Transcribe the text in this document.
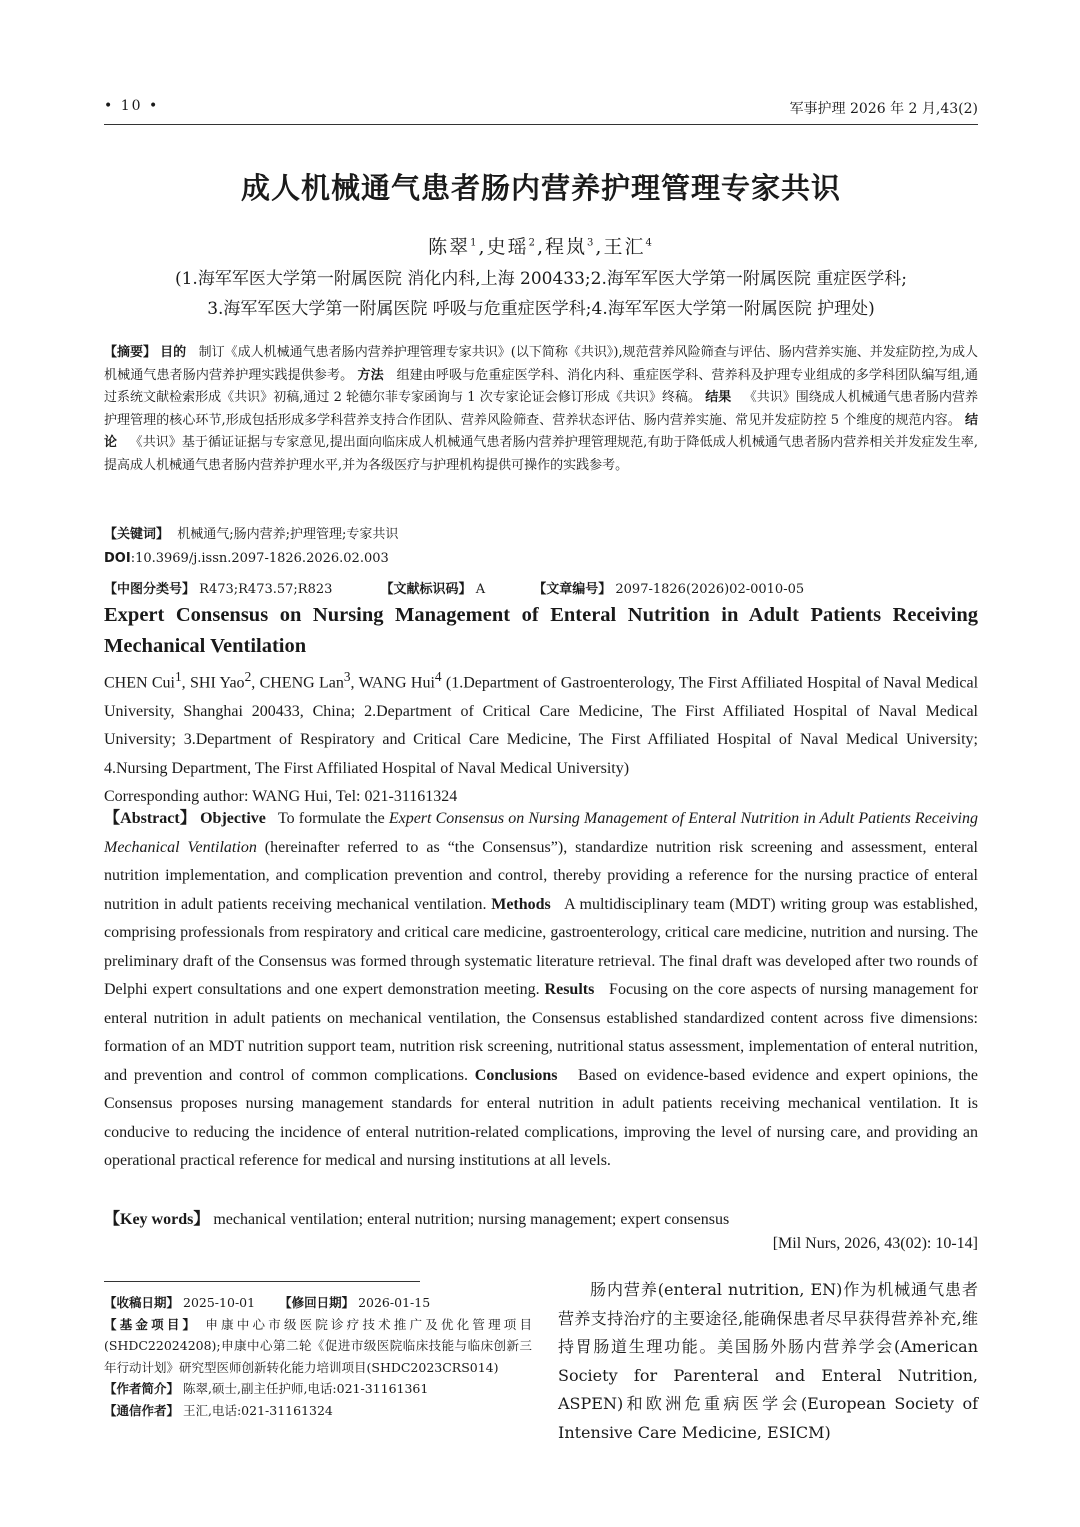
• 10 •	军事护理 2026 年 2 月,43(2)
成人机械通气患者肠内营养护理管理专家共识
陈翠$^1$,史瑶$^2$,程岚$^3$,王汇$^4$
(1.海军军医大学第一附属医院 消化内科,上海 200433;2.海军军医大学第一附属医院 重症医学科;
3.海军军医大学第一附属医院 呼吸与危重症医学科;4.海军军医大学第一附属医院 护理处)
【摘要】 目的 制订《成人机械通气患者肠内营养护理管理专家共识》(以下简称《共识》),规范营养风险筛查与评估、肠内营养实施、并发症防控,为成人机械通气患者肠内营养护理实践提供参考。 方法 组建由呼吸与危重症医学科、消化内科、重症医学科、营养科及护理专业组成的多学科团队编写组,通过系统文献检索形成《共识》初稿,通过 2 轮德尔菲专家函询与 1 次专家论证会修订形成《共识》终稿。 结果 《共识》围绕成人机械通气患者肠内营养护理管理的核心环节,形成包括形成多学科营养支持合作团队、营养风险筛查、营养状态评估、肠内营养实施、常见并发症防控 5 个维度的规范内容。 结论 《共识》基于循证证据与专家意见,提出面向临床成人机械通气患者肠内营养护理管理规范,有助于降低成人机械通气患者肠内营养相关并发症发生率,提高成人机械通气患者肠内营养护理水平,并为各级医疗与护理机构提供可操作的实践参考。
【关键词】 机械通气;肠内营养;护理管理;专家共识
DOI:10.3969/j.issn.2097-1826.2026.02.003
【中图分类号】 R473;R473.57;R823	【文献标识码】 A	【文章编号】 2097-1826(2026)02-0010-05
Expert Consensus on Nursing Management of Enteral Nutrition in Adult Patients Receiving Mechanical Ventilation
CHEN Cui$^1$, SHI Yao$^2$, CHENG Lan$^3$, WANG Hui$^4$ (1.Department of Gastroenterology, The First Affiliated Hospital of Naval Medical University, Shanghai 200433, China; 2.Department of Critical Care Medicine, The First Affiliated Hospital of Naval Medical University; 3.Department of Respiratory and Critical Care Medicine, The First Affiliated Hospital of Naval Medical University; 4.Nursing Department, The First Affiliated Hospital of Naval Medical University)
Corresponding author: WANG Hui, Tel: 021-31161324
【Abstract】 Objective To formulate the Expert Consensus on Nursing Management of Enteral Nutrition in Adult Patients Receiving Mechanical Ventilation (hereinafter referred to as “the Consensus”), standardize nutrition risk screening and assessment, enteral nutrition implementation, and complication prevention and control, thereby providing a reference for the nursing practice of enteral nutrition in adult patients receiving mechanical ventilation. Methods A multidisciplinary team (MDT) writing group was established, comprising professionals from respiratory and critical care medicine, gastroenterology, critical care medicine, nutrition and nursing. The preliminary draft of the Consensus was formed through systematic literature retrieval. The final draft was developed after two rounds of Delphi expert consultations and one expert demonstration meeting. Results Focusing on the core aspects of nursing management for enteral nutrition in adult patients on mechanical ventilation, the Consensus established standardized content across five dimensions: formation of an MDT nutrition support team, nutrition risk screening, nutritional status assessment, implementation of enteral nutrition, and prevention and control of common complications. Conclusions Based on evidence-based evidence and expert opinions, the Consensus proposes nursing management standards for enteral nutrition in adult patients receiving mechanical ventilation. It is conducive to reducing the incidence of enteral nutrition-related complications, improving the level of nursing care, and providing an operational practical reference for medical and nursing institutions at all levels.
【Key words】 mechanical ventilation; enteral nutrition; nursing management; expert consensus
[Mil Nurs, 2026, 43(02): 10-14]

【收稿日期】 2025-10-01 【修回日期】 2026-01-15

【基金项目】 申康中心市级医院诊疗技术推广及优化管理项目(SHDC22024208);申康中心第二轮《促进市级医院临床技能与临床创新三年行动计划》研究型医师创新转化能力培训项目(SHDC2023CRS014)

【作者简介】 陈翠,硕士,副主任护师,电话:021-31161361

【通信作者】 王汇,电话:021-31161324

肠内营养(enteral nutrition, EN)作为机械通气患者营养支持治疗的主要途径,能确保患者尽早获得营养补充,维持胃肠道生理功能。美国肠外肠内营养学会(American Society for Parenteral and Enteral Nutrition, ASPEN)和欧洲危重病医学会(European Society of Intensive Care Medicine, ESICM)
